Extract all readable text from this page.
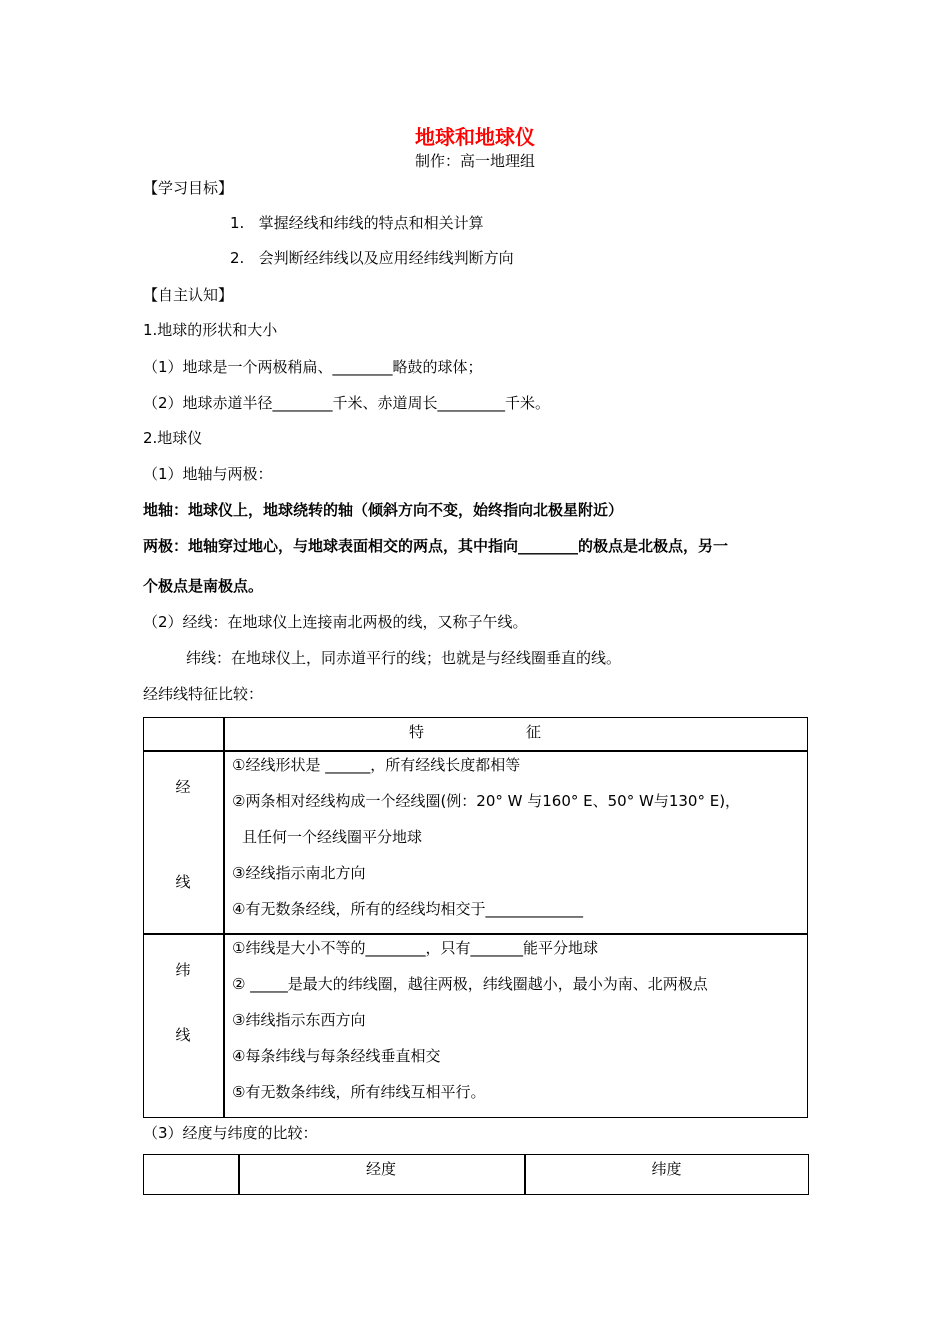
地球和地球仪
制作：高一地理组
【学习目标】
1. 掌握经线和纬线的特点和相关计算
2. 会判断经纬线以及应用经纬线判断方向
【自主认知】
1.地球的形状和大小
（1）地球是一个两极稍扁、________略鼓的球体；
（2）地球赤道半径________千米、赤道周长_________千米。
2.地球仪
（1）地轴与两极：
地轴：地球仪上，地球绕转的轴（倾斜方向不变，始终指向北极星附近）
两极：地轴穿过地心，与地球表面相交的两点，其中指向________的极点是北极点，另一
个极点是南极点。
（2）经线：在地球仪上连接南北两极的线，又称子午线。
纬线：在地球仪上，同赤道平行的线；也就是与经线圈垂直的线。
经纬线特征比较：
特	征
经
线
①经线形状是 ______，所有经线长度都相等
②两条相对经线构成一个经线圈(例：20° W 与160° E、50° W与130° E)，
且任何一个经线圈平分地球
③经线指示南北方向
④有无数条经线，所有的经线均相交于_____________
纬
线
①纬线是大小不等的________，只有_______能平分地球
② _____是最大的纬线圈，越往两极，纬线圈越小，最小为南、北两极点
③纬线指示东西方向
④每条纬线与每条经线垂直相交
⑤有无数条纬线，所有纬线互相平行。
（3）经度与纬度的比较：
经度	纬度
